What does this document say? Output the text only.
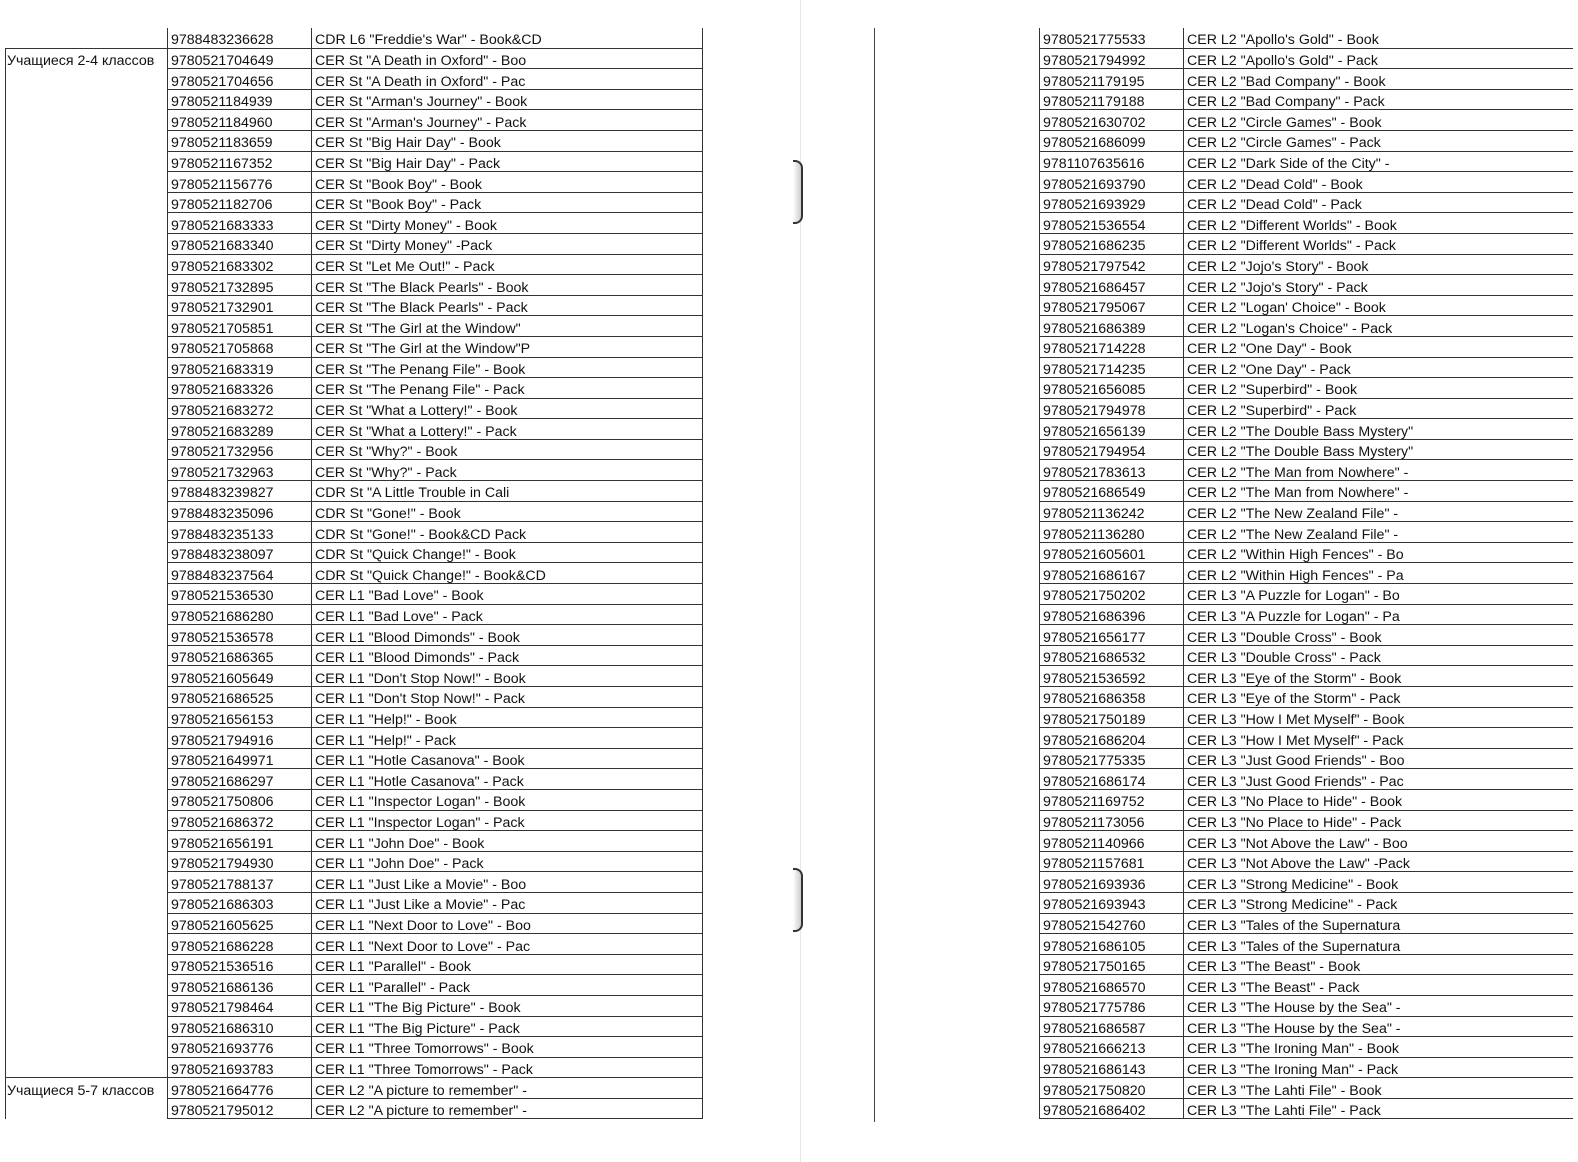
	9788483236628	CDR L6 "Freddie's War" - Book&CD
Учащиеся 2-4 классов	9780521704649	CER St "A Death in Oxford" - Boo
	9780521704656	CER St "A Death in Oxford" - Pac
	9780521184939	CER St "Arman's Journey" - Book
	9780521184960	CER St "Arman's Journey" - Pack
	9780521183659	CER St "Big Hair Day" - Book
	9780521167352	CER St "Big Hair Day" - Pack
	9780521156776	CER St "Book Boy" - Book
	9780521182706	CER St "Book Boy" - Pack
	9780521683333	CER St "Dirty Money" - Book
	9780521683340	CER St "Dirty Money" -Pack
	9780521683302	CER St "Let Me Out!" - Pack
	9780521732895	CER St "The Black Pearls" - Book
	9780521732901	CER St "The Black Pearls" - Pack
	9780521705851	CER St "The Girl at the Window"
	9780521705868	CER St "The Girl at the Window"P
	9780521683319	CER St "The Penang File" - Book
	9780521683326	CER St "The Penang File" - Pack
	9780521683272	CER St "What a Lottery!" - Book
	9780521683289	CER St "What a Lottery!" - Pack
	9780521732956	CER St "Why?" - Book
	9780521732963	CER St "Why?" - Pack
	9788483239827	CDR St "A Little Trouble in Cali
	9788483235096	CDR St "Gone!" - Book
	9788483235133	CDR St "Gone!" - Book&CD Pack
	9788483238097	CDR St "Quick Change!" - Book
	9788483237564	CDR St "Quick Change!" - Book&CD
	9780521536530	CER L1 "Bad Love" - Book
	9780521686280	CER L1 "Bad Love" - Pack
	9780521536578	CER L1 "Blood Dimonds" - Book
	9780521686365	CER L1 "Blood Dimonds" - Pack
	9780521605649	CER L1 "Don't Stop Now!" - Book
	9780521686525	CER L1 "Don't Stop Now!" - Pack
	9780521656153	CER L1 "Help!" - Book
	9780521794916	CER L1 "Help!" - Pack
	9780521649971	CER L1 "Hotle Casanova" - Book
	9780521686297	CER L1 "Hotle Casanova" - Pack
	9780521750806	CER L1 "Inspector Logan" - Book
	9780521686372	CER L1 "Inspector Logan" - Pack
	9780521656191	CER L1 "John Doe" - Book
	9780521794930	CER L1 "John Doe" - Pack
	9780521788137	CER L1 "Just Like a Movie" - Boo
	9780521686303	CER L1 "Just Like a Movie" - Pac
	9780521605625	CER L1 "Next Door to Love" - Boo
	9780521686228	CER L1 "Next Door to Love" - Pac
	9780521536516	CER L1 "Parallel" - Book
	9780521686136	CER L1 "Parallel" - Pack
	9780521798464	CER L1 "The Big Picture" - Book
	9780521686310	CER L1 "The Big Picture" - Pack
	9780521693776	CER L1 "Three Tomorrows" - Book
	9780521693783	CER L1 "Three Tomorrows" - Pack
Учащиеся 5-7 классов	9780521664776	CER L2 "A picture to remember" -
	9780521795012	CER L2 "A picture to remember" -
9780521775533	CER L2 "Apollo's Gold" - Book
9780521794992	CER L2 "Apollo's Gold" - Pack
9780521179195	CER L2 "Bad Company" - Book
9780521179188	CER L2 "Bad Company" - Pack
9780521630702	CER L2 "Circle Games" - Book
9780521686099	CER L2 "Circle Games" - Pack
9781107635616	CER L2 "Dark Side of the City" -
9780521693790	CER L2 "Dead Cold" - Book
9780521693929	CER L2 "Dead Cold" - Pack
9780521536554	CER L2 "Different Worlds" - Book
9780521686235	CER L2 "Different Worlds" - Pack
9780521797542	CER L2 "Jojo's Story" - Book
9780521686457	CER L2 "Jojo's Story" - Pack
9780521795067	CER L2 "Logan' Choice" - Book
9780521686389	CER L2 "Logan's Choice" - Pack
9780521714228	CER L2 "One Day" - Book
9780521714235	CER L2 "One Day" - Pack
9780521656085	CER L2 "Superbird" - Book
9780521794978	CER L2 "Superbird" - Pack
9780521656139	CER L2 "The Double Bass Mystery"
9780521794954	CER L2 "The Double Bass Mystery"
9780521783613	CER L2 "The Man from Nowhere" -
9780521686549	CER L2 "The Man from Nowhere" -
9780521136242	CER L2 "The New Zealand File" -
9780521136280	CER L2 "The New Zealand File" -
9780521605601	CER L2 "Within High Fences" - Bo
9780521686167	CER L2 "Within High Fences" - Pa
9780521750202	CER L3 "A Puzzle for Logan" - Bo
9780521686396	CER L3 "A Puzzle for Logan" - Pa
9780521656177	CER L3 "Double Cross" - Book
9780521686532	CER L3 "Double Cross" - Pack
9780521536592	CER L3 "Eye of the Storm" - Book
9780521686358	CER L3 "Eye of the Storm" - Pack
9780521750189	CER L3 "How I Met Myself" - Book
9780521686204	CER L3 "How I Met Myself" - Pack
9780521775335	CER L3 "Just Good Friends" - Boo
9780521686174	CER L3 "Just Good Friends" - Pac
9780521169752	CER L3 "No Place to Hide" - Book
9780521173056	CER L3 "No Place to Hide" - Pack
9780521140966	CER L3 "Not Above the Law" - Boo
9780521157681	CER L3 "Not Above the Law" -Pack
9780521693936	CER L3 "Strong Medicine" - Book
9780521693943	CER L3 "Strong Medicine" - Pack
9780521542760	CER L3 "Tales of the Supernatura
9780521686105	CER L3 "Tales of the Supernatura
9780521750165	CER L3 "The Beast" - Book
9780521686570	CER L3 "The Beast" - Pack
9780521775786	CER L3 "The House by the Sea" -
9780521686587	CER L3 "The House by the Sea" -
9780521666213	CER L3 "The Ironing Man" - Book
9780521686143	CER L3 "The Ironing Man" - Pack
9780521750820	CER L3 "The Lahti File" - Book
9780521686402	CER L3 "The Lahti File" - Pack
